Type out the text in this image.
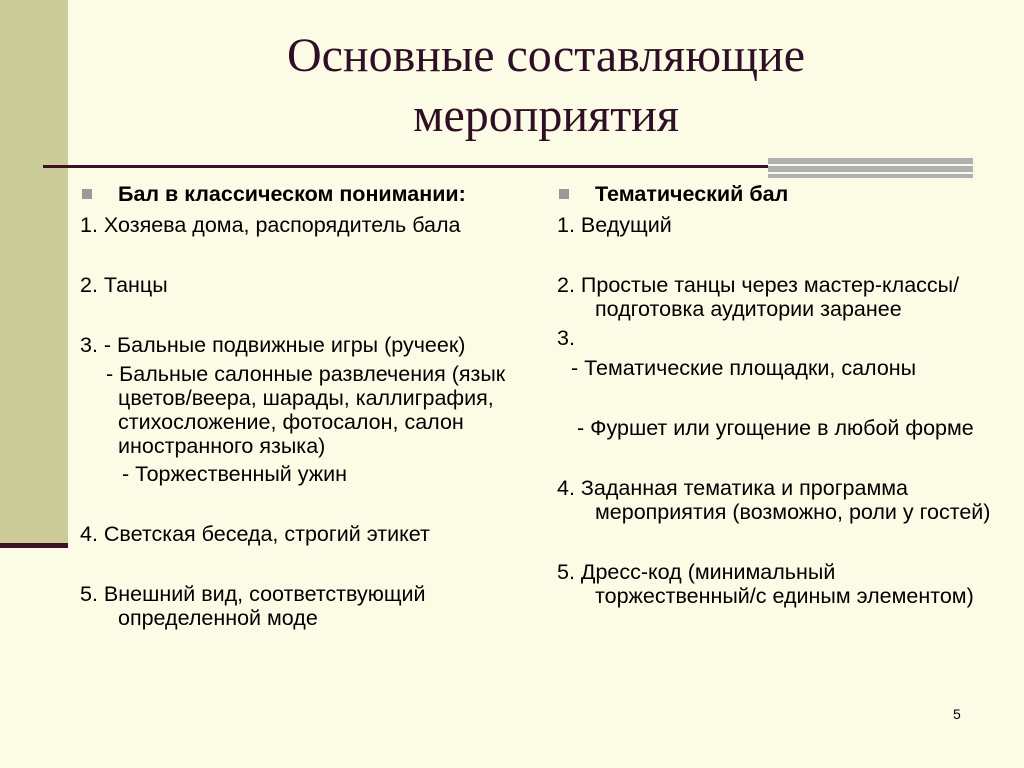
Основные составляющие
мероприятия
Бал в классическом понимании:

1. Хозяева дома, распорядитель бала

2. Танцы

3. - Бальные подвижные игры (ручеек)

- Бальные салонные развлечения (язык цветов/веера, шарады, каллиграфия, стихосложение, фотосалон, салон иностранного языка)

- Торжественный ужин

4. Светская беседа, строгий этикет

5. Внешний вид, соответствующий определенной моде

Тематический бал

1. Ведущий

2. Простые танцы через мастер-классы/подготовка аудитории заранее

3.

- Тематические площадки, салоны

- Фуршет или угощение в любой форме

4. Заданная тематика и программа мероприятия (возможно, роли у гостей)

5. Дресс-код (минимальный торжественный/с единым элементом)

5
